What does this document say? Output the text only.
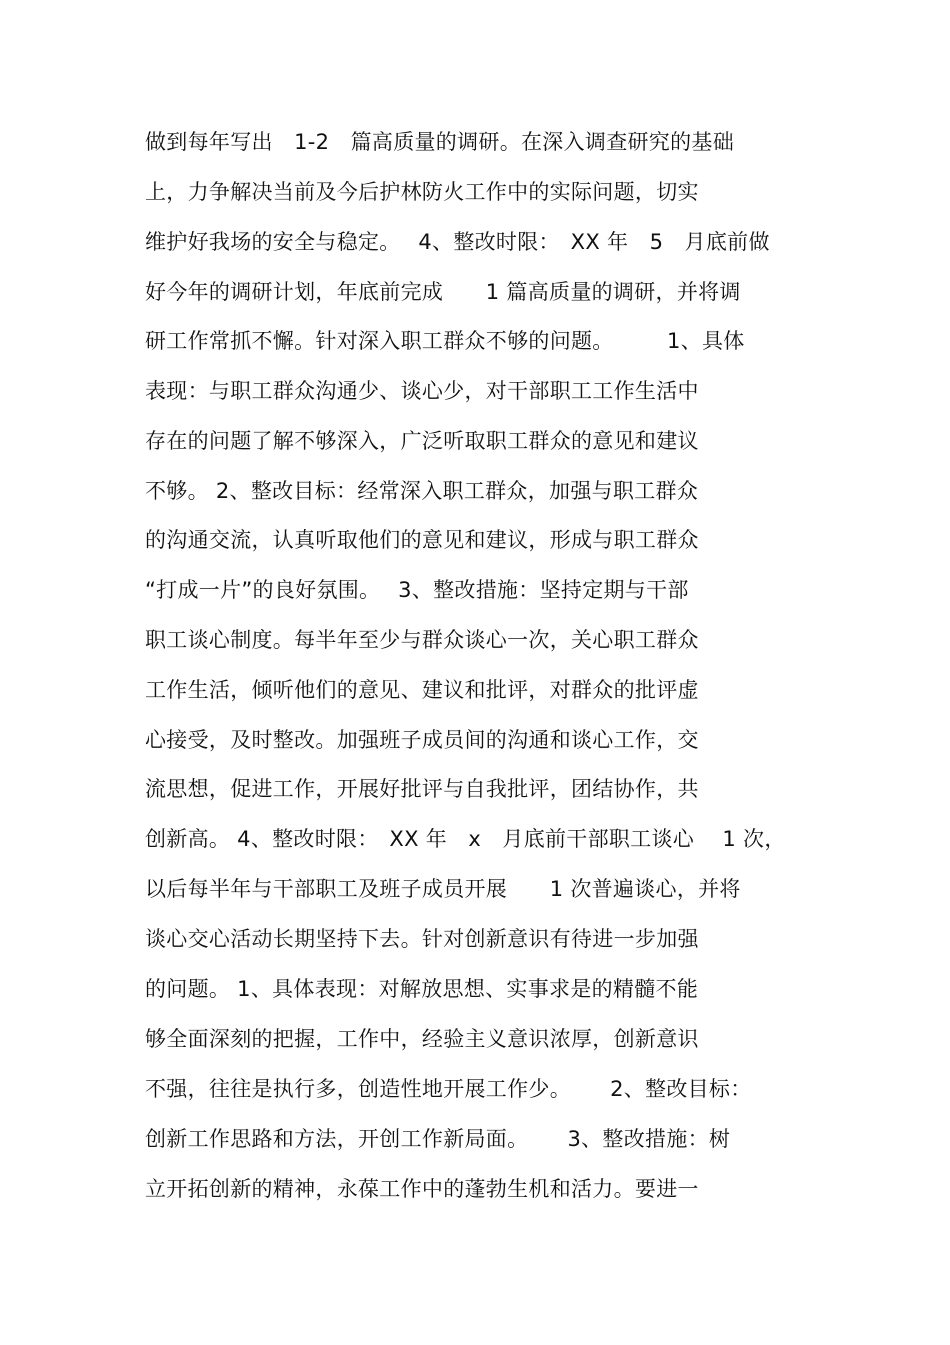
做到每年写出　1-2　篇高质量的调研。在深入调查研究的基础
上，力争解决当前及今后护林防火工作中的实际问题，切实
维护好我场的安全与稳定。　 4、整改时限：　XX 年　5　月底前做
好今年的调研计划，年底前完成　　1 篇高质量的调研，并将调
研工作常抓不懈。针对深入职工群众不够的问题。　　　1、具体
表现：与职工群众沟通少、谈心少，对干部职工工作生活中
存在的问题了解不够深入，广泛听取职工群众的意见和建议
不够。 2、整改目标：经常深入职工群众，加强与职工群众
的沟通交流，认真听取他们的意见和建议，形成与职工群众
“打成一片”的良好氛围。　 3、整改措施：坚持定期与干部
职工谈心制度。每半年至少与群众谈心一次，关心职工群众
工作生活，倾听他们的意见、建议和批评，对群众的批评虚
心接受，及时整改。加强班子成员间的沟通和谈心工作，交
流思想，促进工作，开展好批评与自我批评，团结协作，共
创新高。 4、整改时限：　XX 年　x　月底前干部职工谈心　 1 次，
以后每半年与干部职工及班子成员开展　　1 次普遍谈心，并将
谈心交心活动长期坚持下去。针对创新意识有待进一步加强
的问题。 1、具体表现：对解放思想、实事求是的精髓不能
够全面深刻的把握，工作中，经验主义意识浓厚，创新意识
不强，往往是执行多，创造性地开展工作少。　　 2、整改目标：
创新工作思路和方法，开创工作新局面。　　 3、整改措施：树
立开拓创新的精神，永葆工作中的蓬勃生机和活力。要进一
